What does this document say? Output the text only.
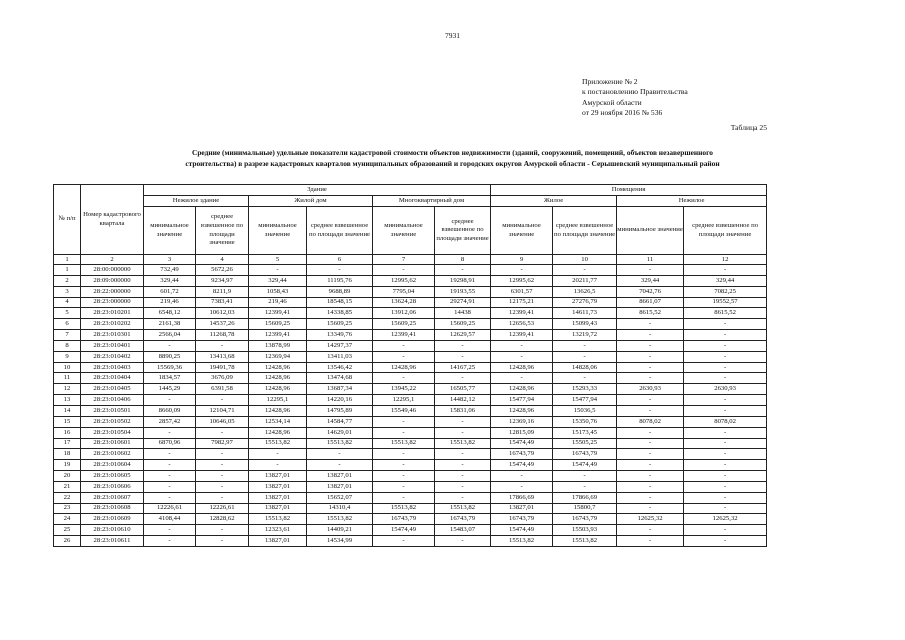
7931
Приложение № 2
к постановлению Правительства
Амурской области
от 29 ноября 2016 № 536
Таблица 25
Средние (минимальные) удельные показатели кадастровой стоимости объектов недвижимости (зданий, сооружений, помещений, объектов незавершенного
строительства) в разрезе кадастровых кварталов муниципальных образований и городских округов Амурской области - Серышевский муниципальный район
№ п/п	Номер кадастрового квартала	Здание						Помещения			
		Нежилое здание		Жилой дом		Многоквартирный дом		Жилое		Нежилое	
		минимальное значение	среднее взвешенное по площади значение	минимальное значение	среднее взвешенное по площади значение	минимальное значение	среднее взвешенное по площади значение	минимальное значение	среднее взвешенное по площади значение	минимальное значение	среднее взвешенное по площади значение
1	2	3	4	5	6	7	8	9	10	11	12
1	28:00:000000	732,49	5672,26	-	-	-	-	-	-	-	-
2	28:09:000000	329,44	9234,97	329,44	11195,76	12995,62	19298,91	12995,62	20211,77	329,44	329,44
3	28:22:000000	601,72	8211,9	1058,43	9688,89	7795,04	19193,55	6301,57	13626,5	7042,76	7082,25
4	28:23:000000	219,46	7383,41	219,46	18548,15	13624,28	29274,91	12175,21	27276,79	8661,07	19552,57
5	28:23:010201	6548,12	10612,03	12399,41	14338,85	13912,06	14438	12399,41	14611,73	8615,52	8615,52
6	28:23:010202	2161,38	14537,26	15609,25	15609,25	15609,25	15609,25	12656,53	15099,43	-	-
7	28:23:010301	2566,04	11268,78	12399,41	13349,76	12399,41	12629,57	12399,41	13219,72	-	-
8	28:23:010401	-	-	13878,99	14297,37	-	-	-	-	-	-
9	28:23:010402	8890,25	13413,68	12369,94	13411,03	-	-	-	-	-	-
10	28:23:010403	15569,36	19491,78	12428,96	13546,42	12428,96	14167,25	12428,96	14828,06	-	-
11	28:23:010404	1834,57	3676,09	12428,96	13474,68	-	-	-	-	-	-
12	28:23:010405	1445,29	6391,58	12428,96	13687,34	13945,22	16505,77	12428,96	15293,33	2630,93	2630,93
13	28:23:010406	-	-	12295,1	14220,16	12295,1	14482,12	15477,94	15477,94	-	-
14	28:23:010501	8660,09	12104,71	12428,96	14795,89	15549,46	15831,06	12428,96	15036,5	-	-
15	28:23:010502	2857,42	10646,05	12534,14	14584,77	-	-	12369,16	15350,76	8078,02	8078,02
16	28:23:010504	-	-	12428,96	14629,01	-	-	12815,09	15173,45	-	-
17	28:23:010601	6870,96	7982,97	15513,82	15513,82	15513,82	15513,82	15474,49	15505,25	-	-
18	28:23:010602	-	-	-	-	-	-	16743,79	16743,79	-	-
19	28:23:010604	-	-	-	-	-	-	15474,49	15474,49	-	-
20	28:23:010605	-	-	13827,01	13827,01	-	-	-	-	-	-
21	28:23:010606	-	-	13827,01	13827,01	-	-	-	-	-	-
22	28:23:010607	-	-	13827,01	15652,07	-	-	17866,69	17866,69	-	-
23	28:23:010608	12226,61	12226,61	13827,01	14310,4	15513,82	15513,82	13827,01	15800,7	-	-
24	28:23:010609	4108,44	12828,62	15513,82	15513,82	16743,79	16743,79	16743,79	16743,79	12625,32	12625,32
25	28:23:010610	-	-	12323,61	14409,21	15474,49	15483,07	15474,49	15503,93	-	-
26	28:23:010611	-	-	13827,01	14534,99	-	-	15513,82	15513,82	-	-
